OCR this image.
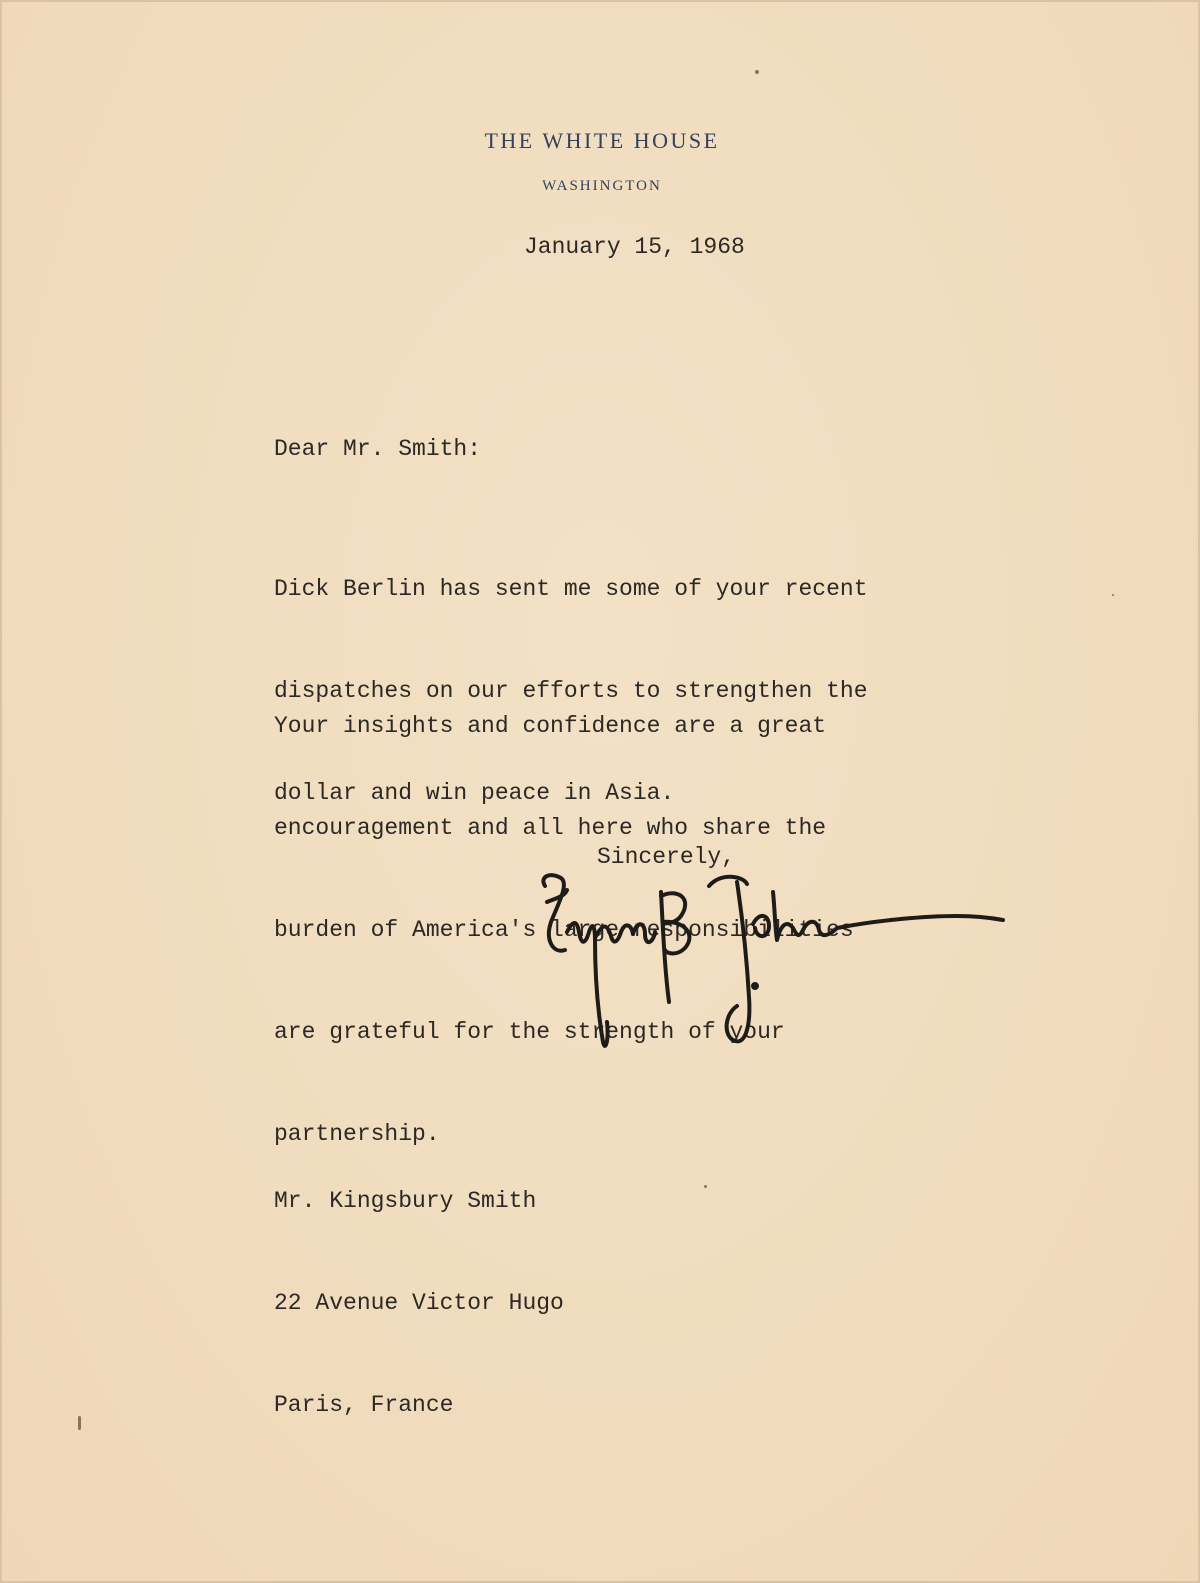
THE WHITE HOUSE
WASHINGTON
January 15, 1968
Dear Mr. Smith:

Dick Berlin has sent me some of your recent

dispatches on our efforts to strengthen the

dollar and win peace in Asia.

Your insights and confidence are a great

encouragement and all here who share the

burden of America's large responsibilities

are grateful for the strength of your

partnership.

Sincerely,

Mr. Kingsbury Smith

22 Avenue Victor Hugo

Paris, France
